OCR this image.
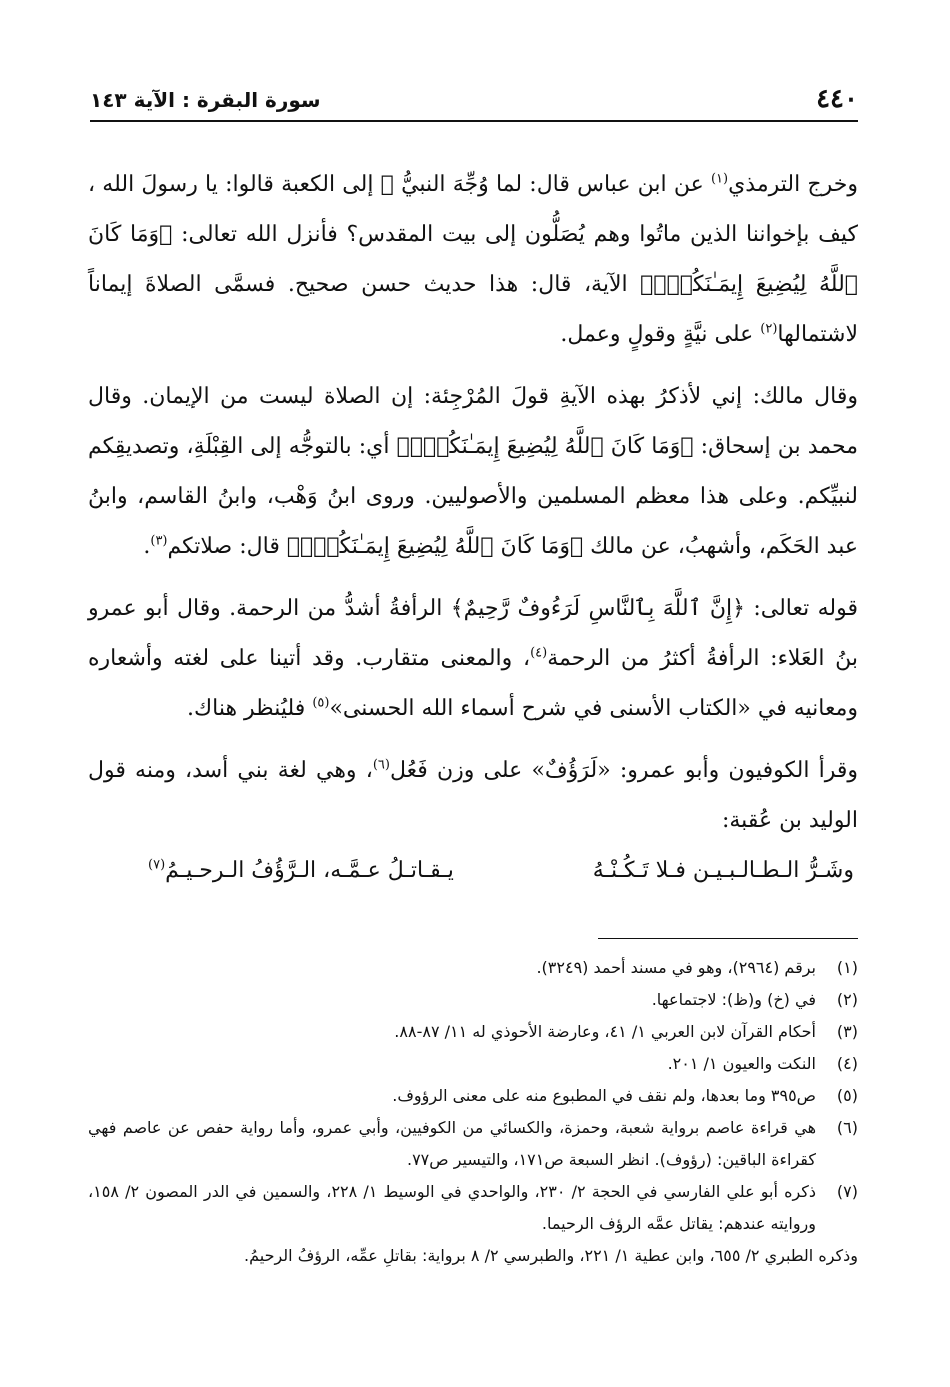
٤٤٠
سورة البقرة : الآية ١٤٣

وخرج الترمذي$^{(١)}$ عن ابن عباس قال: لما وُجِّهَ النبيُّ ﷺ إلى الكعبة قالوا: يا رسولَ الله ، كيف بإخواننا الذين ماتُوا وهم يُصَلُّون إلى بيت المقدس؟ فأنزل الله تعالى: ﴿وَمَا كَانَ ٱللَّهُ لِيُضِيعَ إِيمَـٰنَكُمْۚ﴾ الآية، قال: هذا حديث حسن صحيح. فسمَّى الصلاةَ إيماناً لاشتمالها$^{(٢)}$ على نيَّةٍ وقولٍ وعمل.

وقال مالك: إني لأذكرُ بهذه الآيةِ قولَ المُرْجِئة: إن الصلاة ليست من الإيمان. وقال محمد بن إسحاق: ﴿وَمَا كَانَ ٱللَّهُ لِيُضِيعَ إِيمَـٰنَكُمْۚ﴾ أي: بالتوجُّه إلى القِبْلَةِ، وتصديقِكم لنبيِّكم. وعلى هذا معظم المسلمين والأصوليين. وروى ابنُ وَهْب، وابنُ القاسم، وابنُ عبد الحَكَم، وأشهبُ، عن مالك ﴿وَمَا كَانَ ٱللَّهُ لِيُضِيعَ إِيمَـٰنَكُمْۚ﴾ قال: صلاتكم$^{(٣)}$.

قوله تعالى: ﴿إِنَّ ٱللَّهَ بِٱلنَّاسِ لَرَءُوفٌ رَّحِيمٌ﴾ الرأفةُ أشدُّ من الرحمة. وقال أبو عمرو بنُ العَلاء: الرأفةُ أكثرُ من الرحمة$^{(٤)}$، والمعنى متقارب. وقد أتينا على لغته وأشعاره ومعانيه في «الكتاب الأسنى في شرح أسماء الله الحسنى»$^{(٥)}$ فليُنظر هناك.

وقرأ الكوفيون وأبو عمرو: «لَرَؤُفٌ» على وزن فَعُل$^{(٦)}$، وهي لغة بني أسد، ومنه قول الوليد بن عُقبة:

وشَـرُّ الـطـالـبـيـن فـلا تَـكُـنْـهُ
يـقـاتـلُ عـمَّـه، الـرَّؤُفُ الـرحـيـمُ$^{(٧)}$
(١)
برقم (٢٩٦٤)، وهو في مسند أحمد (٣٢٤٩).
(٢)
في (خ) و(ظ): لاجتماعها.
(٣)
أحكام القرآن لابن العربي ١/ ٤١، وعارضة الأحوذي له ١١/ ٨٧-٨٨.
(٤)
النكت والعيون ١/ ٢٠١.
(٥)
ص٣٩٥ وما بعدها، ولم نقف في المطبوع منه على معنى الرؤوف.
(٦)
هي قراءة عاصم برواية شعبة، وحمزة، والكسائي من الكوفيين، وأبي عمرو، وأما رواية حفص عن عاصم فهي كقراءة الباقين: (رؤوف). انظر السبعة ص١٧١، والتيسير ص٧٧.
(٧)
ذكره أبو علي الفارسي في الحجة ٢/ ٢٣٠، والواحدي في الوسيط ١/ ٢٢٨، والسمين في الدر المصون ٢/ ١٥٨، وروايته عندهم: يقاتل عمَّه الرؤف الرحيما.
وذكره الطبري ٢/ ٦٥٥، وابن عطية ١/ ٢٢١، والطبرسي ٢/ ٨ برواية: بقاتلِ عمِّه، الرؤفُ الرحيمُ.
